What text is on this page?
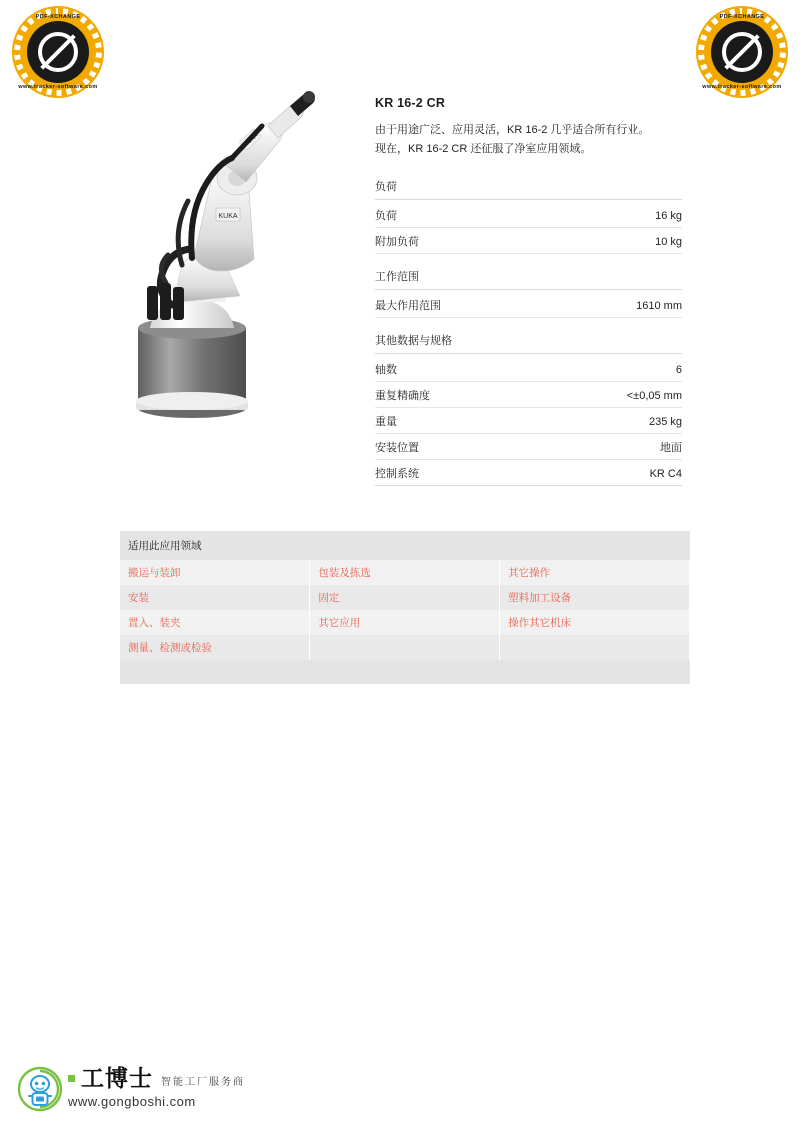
PDF-XCHANGE
www.tracker-software.com
PDF-XCHANGE
www.tracker-software.com
KUKA
KUKA
KR 16-2 CR
由于用途广泛、应用灵活，KR 16-2 几乎适合所有行业。
现在，KR 16-2 CR 还征服了净室应用领域。
负荷
负荷	16 kg
附加负荷	10 kg
工作范围
最大作用范围	1610 mm
其他数据与规格
轴数	6
重复精确度	<±0,05 mm
重量	235 kg
安装位置	地面
控制系统	KR C4
适用此应用领域		
搬运与装卸	包装及拣选	其它操作
安装	固定	塑料加工设备
置入、装夹	其它应用	操作其它机床
测量、检测或检验		

工博士 智能工厂服务商
www.gongboshi.com
